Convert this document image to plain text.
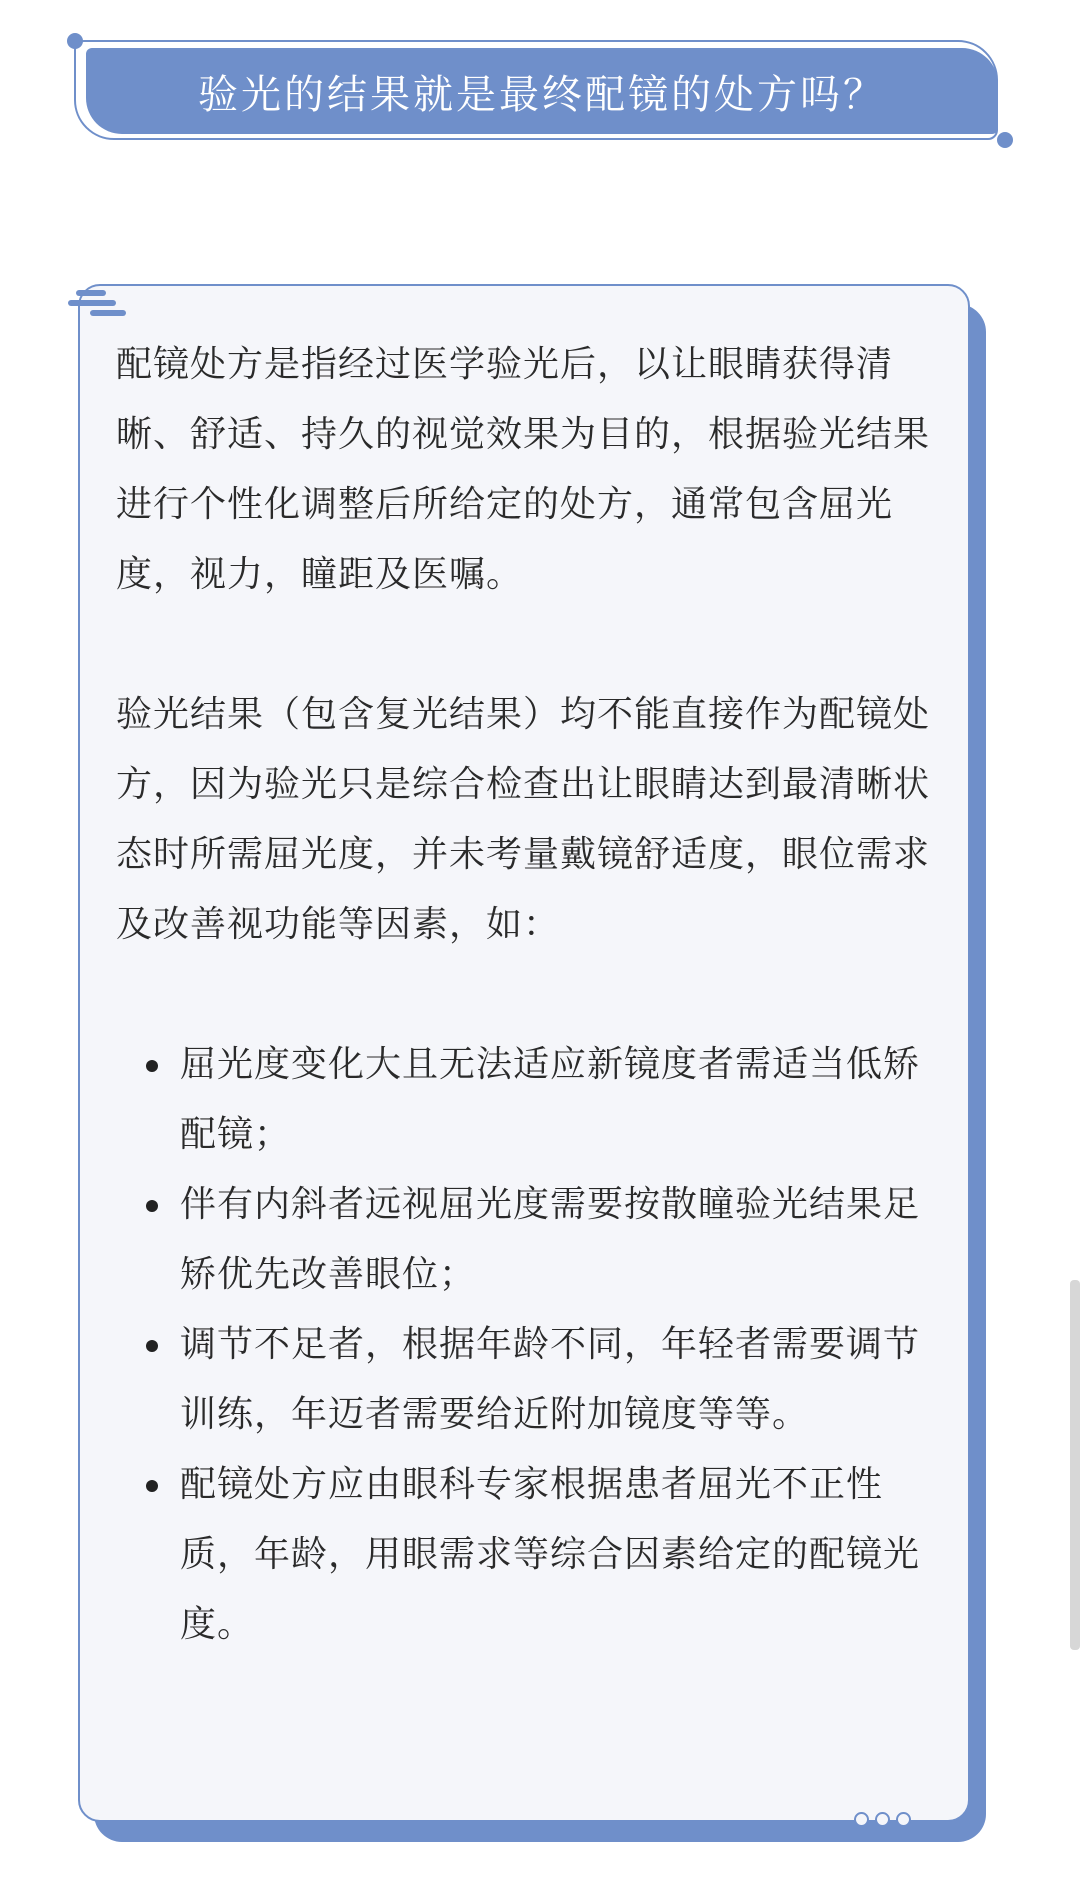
验光的结果就是最终配镜的处方吗？

配镜处方是指经过医学验光后，以让眼睛获得清晰、舒适、持久的视觉效果为目的，根据验光结果进行个性化调整后所给定的处方，通常包含屈光度，视力，瞳距及医嘱。

验光结果（包含复光结果）均不能直接作为配镜处方，因为验光只是综合检查出让眼睛达到最清晰状态时所需屈光度，并未考量戴镜舒适度，眼位需求及改善视功能等因素，如：

屈光度变化大且无法适应新镜度者需适当低矫配镜；
伴有内斜者远视屈光度需要按散瞳验光结果足矫优先改善眼位；
调节不足者，根据年龄不同，年轻者需要调节训练，年迈者需要给近附加镜度等等。
配镜处方应由眼科专家根据患者屈光不正性质，年龄，用眼需求等综合因素给定的配镜光度。
